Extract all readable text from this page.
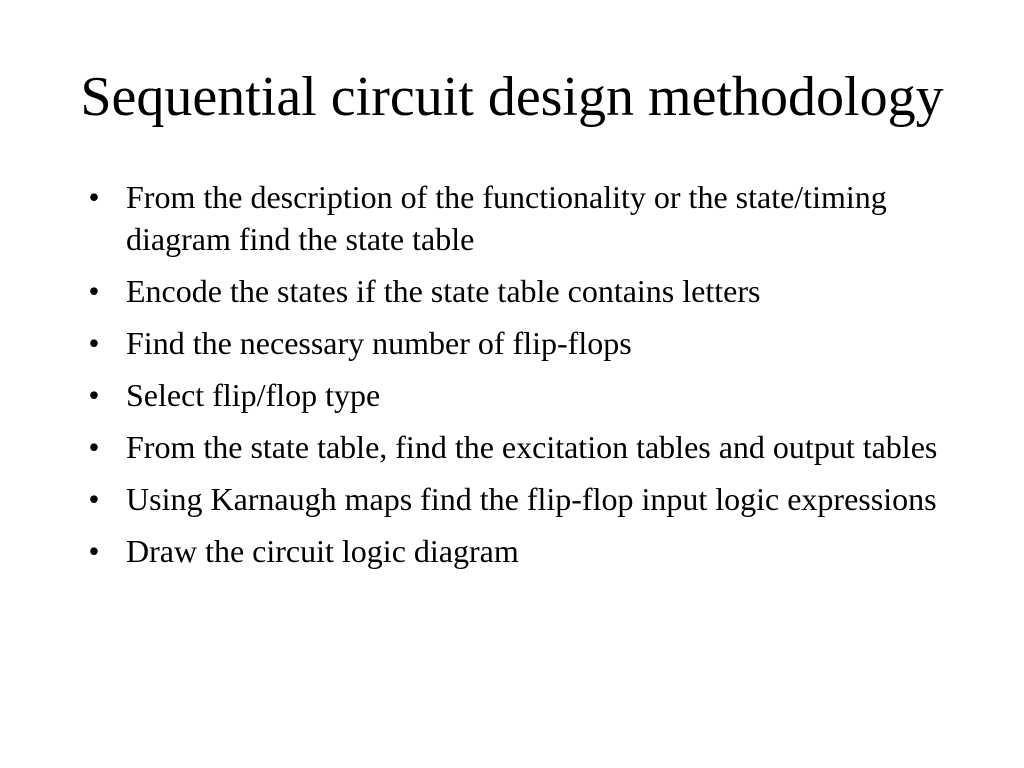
Sequential circuit design methodology
• From the description of the functionality or the state/timing diagram find the state table
• Encode the states if the state table contains letters
• Find the necessary number of flip-flops
• Select flip/flop type
• From the state table, find the excitation tables and output tables
• Using Karnaugh maps find the flip-flop input logic expressions
• Draw the circuit logic diagram
